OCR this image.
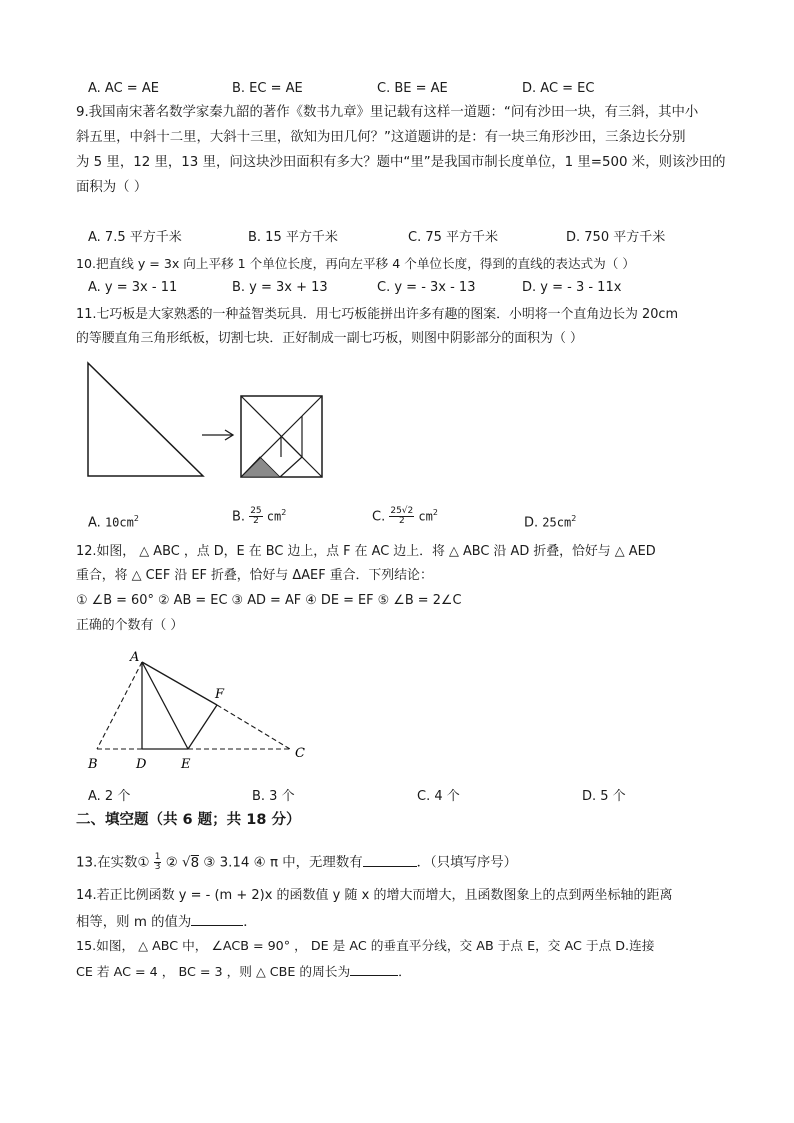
A. AC = AE	B. EC = AE	C. BE = AE	D. AC = EC
9.我国南宋著名数学家秦九韶的著作《数书九章》里记载有这样一道题：“问有沙田一块，有三斜，其中小
斜五里，中斜十二里，大斜十三里，欲知为田几何？”这道题讲的是：有一块三角形沙田，三条边长分别
为 5 里，12 里，13 里，问这块沙田面积有多大？题中“里”是我国市制长度单位，1 里=500 米，则该沙田的
面积为（ ）
A. 7.5 平方千米	B. 15 平方千米	C. 75 平方千米	D. 750 平方千米
10.把直线 y = 3x 向上平移 1 个单位长度，再向左平移 4 个单位长度，得到的直线的表达式为（ ）
A. y = 3x - 11	B. y = 3x + 13	C. y = - 3x - 13	D. y = - 3 - 11x
11.七巧板是大家熟悉的一种益智类玩具．用七巧板能拼出许多有趣的图案．小明将一个直角边长为 20cm
的等腰直角三角形纸板，切割七块．正好制成一副七巧板，则图中阴影部分的面积为（ ）
A. $10cm^2$	B. $\frac{25}{2} cm^2$	C. $\frac{25√2}{2} cm^2$
D. $25cm^2$
12.如图， △ ABC ，点 D，E 在 BC 边上，点 F 在 AC 边上．将 △ ABC 沿 AD 折叠，恰好与 △ AED
重合，将 △ CEF 沿 EF 折叠，恰好与 ΔAEF 重合．下列结论：
① ∠B = 60° ② AB = EC ③ AD = AF ④ DE = EF ⑤ ∠B = 2∠C
正确的个数有（ ）
A
B	D	E
F
C
A. 2 个	B. 3 个	C. 4 个	D. 5 个
二、填空题（共 6 题；共 18 分）
13.在实数① $\frac{1}{3}$ ② √8 ③ 3.14 ④ π 中，无理数有	．（只填写序号）
14.若正比例函数 y = - (m + 2)x 的函数值 y 随 x 的增大而增大，且函数图象上的点到两坐标轴的距离
相等，则 m 的值为	．
15.如图， △ ABC 中， ∠ACB = 90° ， DE 是 AC 的垂直平分线，交 AB 于点 E，交 AC 于点 D.连接
CE 若 AC = 4 ， BC = 3 ，则 △ CBE 的周长为	．
